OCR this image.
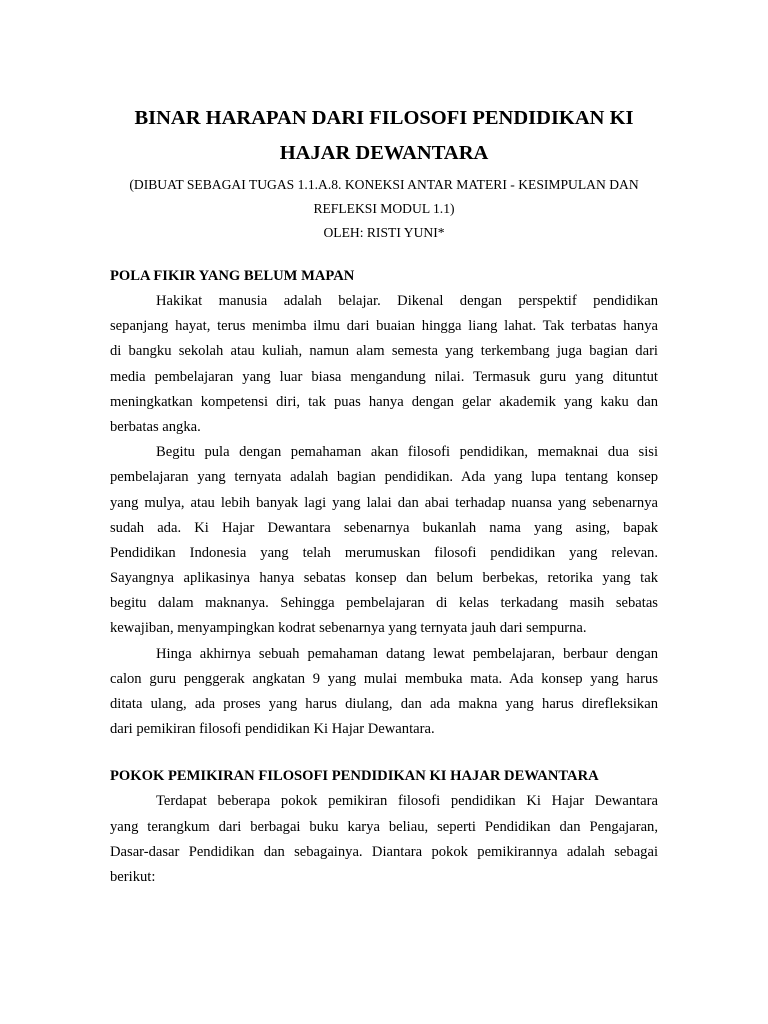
BINAR HARAPAN DARI FILOSOFI PENDIDIKAN KI

HAJAR DEWANTARA

(DIBUAT SEBAGAI TUGAS 1.1.A.8. KONEKSI ANTAR MATERI - KESIMPULAN DAN

REFLEKSI MODUL 1.1)

OLEH: RISTI YUNI*

POLA FIKIR YANG BELUM MAPAN
Hakikat manusia adalah belajar. Dikenal dengan perspektif pendidikan
sepanjang hayat, terus menimba ilmu dari buaian hingga liang lahat. Tak terbatas hanya
di bangku sekolah atau kuliah, namun alam semesta yang terkembang juga bagian dari
media pembelajaran yang luar biasa mengandung nilai. Termasuk guru yang dituntut
meningkatkan kompetensi diri, tak puas hanya dengan gelar akademik yang kaku dan
berbatas angka.
Begitu pula dengan pemahaman akan filosofi pendidikan, memaknai dua sisi
pembelajaran yang ternyata adalah bagian pendidikan. Ada yang lupa tentang konsep
yang mulya, atau lebih banyak lagi yang lalai dan abai terhadap nuansa yang sebenarnya
sudah ada. Ki Hajar Dewantara sebenarnya bukanlah nama yang asing, bapak
Pendidikan Indonesia yang telah merumuskan filosofi pendidikan yang relevan.
Sayangnya aplikasinya hanya sebatas konsep dan belum berbekas, retorika yang tak
begitu dalam maknanya. Sehingga pembelajaran di kelas terkadang masih sebatas
kewajiban, menyampingkan kodrat sebenarnya yang ternyata jauh dari sempurna.
Hinga akhirnya sebuah pemahaman datang lewat pembelajaran, berbaur dengan
calon guru penggerak angkatan 9 yang mulai membuka mata. Ada konsep yang harus
ditata ulang, ada proses yang harus diulang, dan ada makna yang harus direfleksikan
dari pemikiran filosofi pendidikan Ki Hajar Dewantara.
POKOK PEMIKIRAN FILOSOFI PENDIDIKAN KI HAJAR DEWANTARA
Terdapat beberapa pokok pemikiran filosofi pendidikan Ki Hajar Dewantara
yang terangkum dari berbagai buku karya beliau, seperti Pendidikan dan Pengajaran,
Dasar-dasar Pendidikan dan sebagainya. Diantara pokok pemikirannya adalah sebagai
berikut:
